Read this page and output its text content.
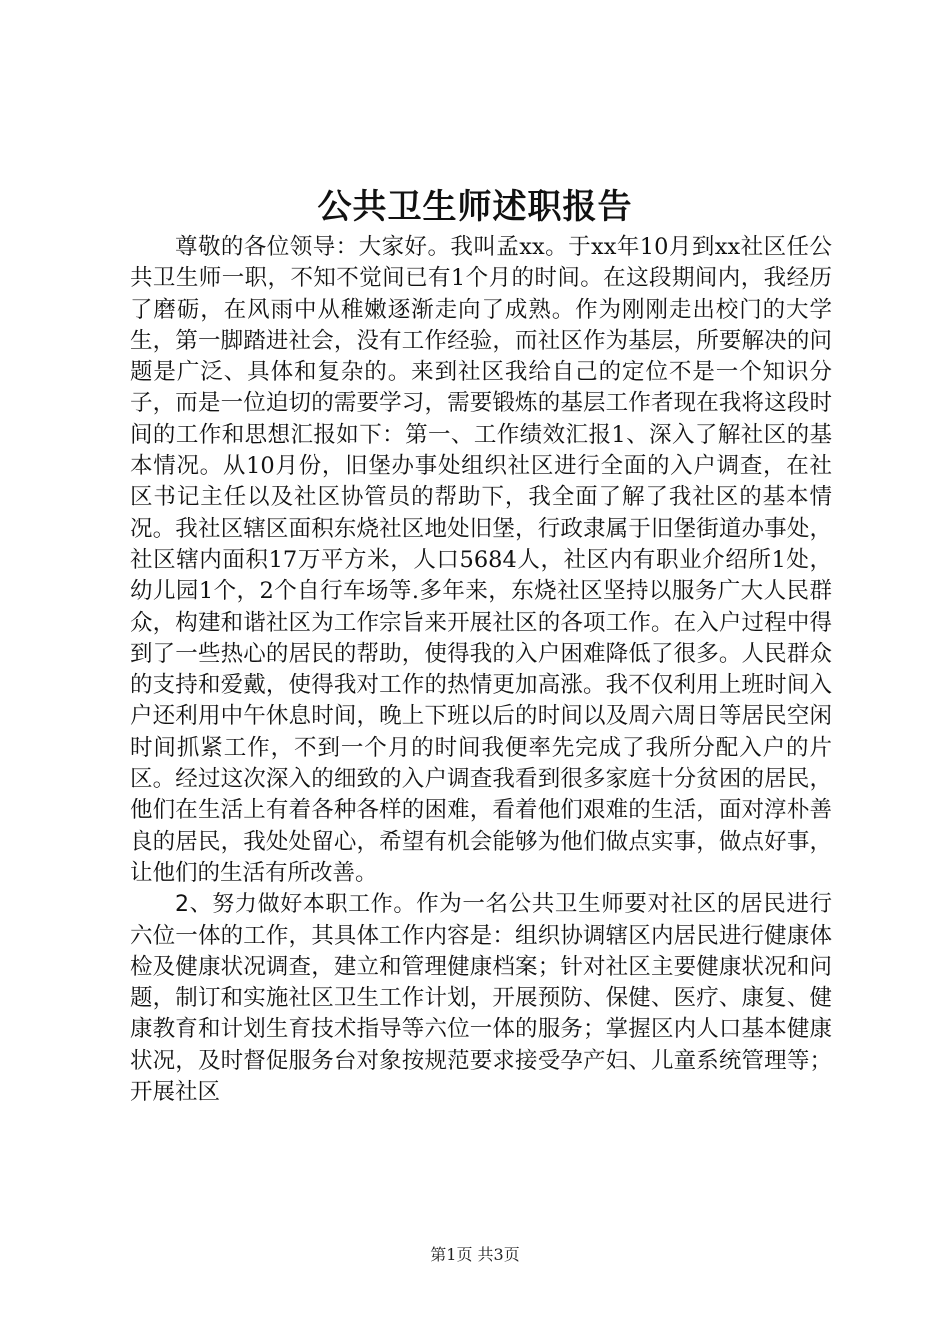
公共卫生师述职报告

尊敬的各位领导：大家好。我叫孟xx。于xx年10月到xx社区任公共卫生师一职，不知不觉间已有1个月的时间。在这段期间内，我经历了磨砺，在风雨中从稚嫩逐渐走向了成熟。作为刚刚走出校门的大学生，第一脚踏进社会，没有工作经验，而社区作为基层，所要解决的问题是广泛、具体和复杂的。来到社区我给自己的定位不是一个知识分子，而是一位迫切的需要学习，需要锻炼的基层工作者现在我将这段时间的工作和思想汇报如下：第一、工作绩效汇报1、深入了解社区的基本情况。从10月份，旧堡办事处组织社区进行全面的入户调查，在社区书记主任以及社区协管员的帮助下，我全面了解了我社区的基本情况。我社区辖区面积东烧社区地处旧堡，行政隶属于旧堡街道办事处，社区辖内面积17万平方米，人口5684人，社区内有职业介绍所1处，幼儿园1个，2个自行车场等.多年来，东烧社区坚持以服务广大人民群众，构建和谐社区为工作宗旨来开展社区的各项工作。在入户过程中得到了一些热心的居民的帮助，使得我的入户困难降低了很多。人民群众的支持和爱戴，使得我对工作的热情更加高涨。我不仅利用上班时间入户还利用中午休息时间，晚上下班以后的时间以及周六周日等居民空闲时间抓紧工作，不到一个月的时间我便率先完成了我所分配入户的片区。经过这次深入的细致的入户调查我看到很多家庭十分贫困的居民，他们在生活上有着各种各样的困难，看着他们艰难的生活，面对淳朴善良的居民，我处处留心，希望有机会能够为他们做点实事，做点好事，让他们的生活有所改善。

2、努力做好本职工作。作为一名公共卫生师要对社区的居民进行六位一体的工作，其具体工作内容是：组织协调辖区内居民进行健康体检及健康状况调查，建立和管理健康档案；针对社区主要健康状况和问题，制订和实施社区卫生工作计划，开展预防、保健、医疗、康复、健康教育和计划生育技术指导等六位一体的服务；掌握区内人口基本健康状况，及时督促服务台对象按规范要求接受孕产妇、儿童系统管理等；开展社区

第1页 共3页
